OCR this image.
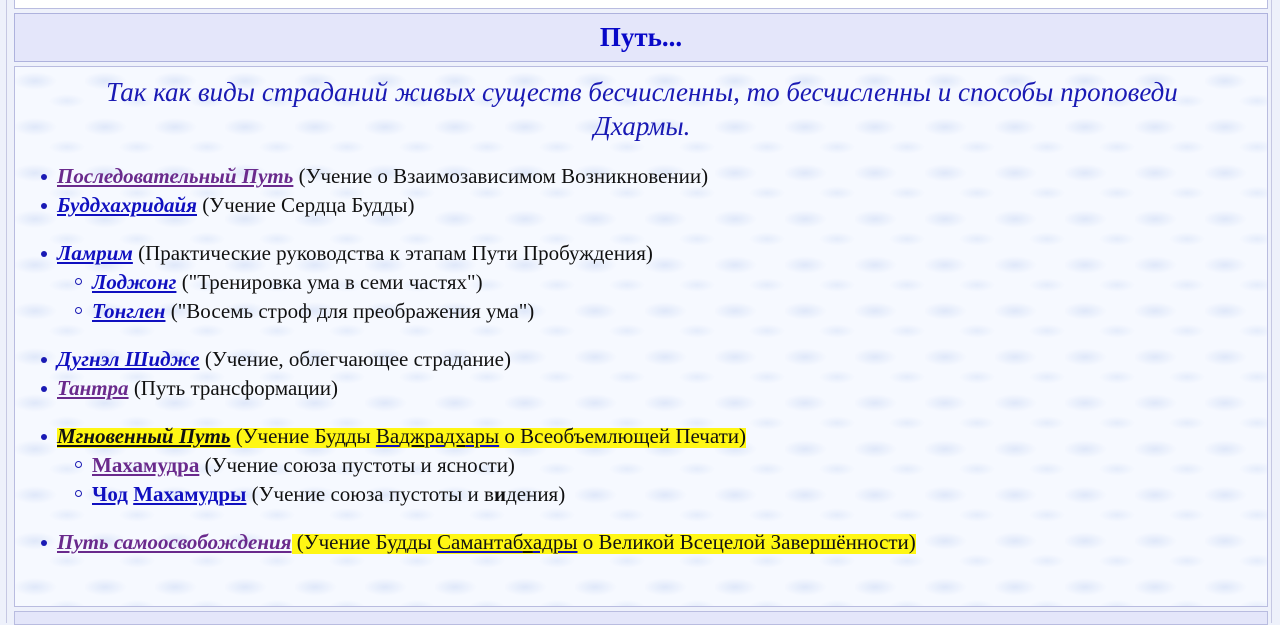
Путь...

Так как виды страданий живых существ бесчисленны, то бесчисленны и способы проповеди Дхармы.

Последовательный Путь (Учение о Взаимозависимом Возникновении)
Буддхахридайя (Учение Сердца Будды)
Ламрим (Практические руководства к этапам Пути Пробуждения)
Лоджонг ("Тренировка ума в семи частях")
Тонглен ("Восемь строф для преображения ума")
Дугнэл Шидже (Учение, облегчающее страдание)
Тантра (Путь трансформации)
Мгновенный Путь (Учение Будды Ваджрадхары о Всеобъемлющей Печати)
Махамудра (Учение союза пустоты и ясности)
Чод Махамудры (Учение союза пустоты и видения)
Путь самоосвобождения (Учение Будды Самантабхадры о Великой Всецелой Завершённости)
